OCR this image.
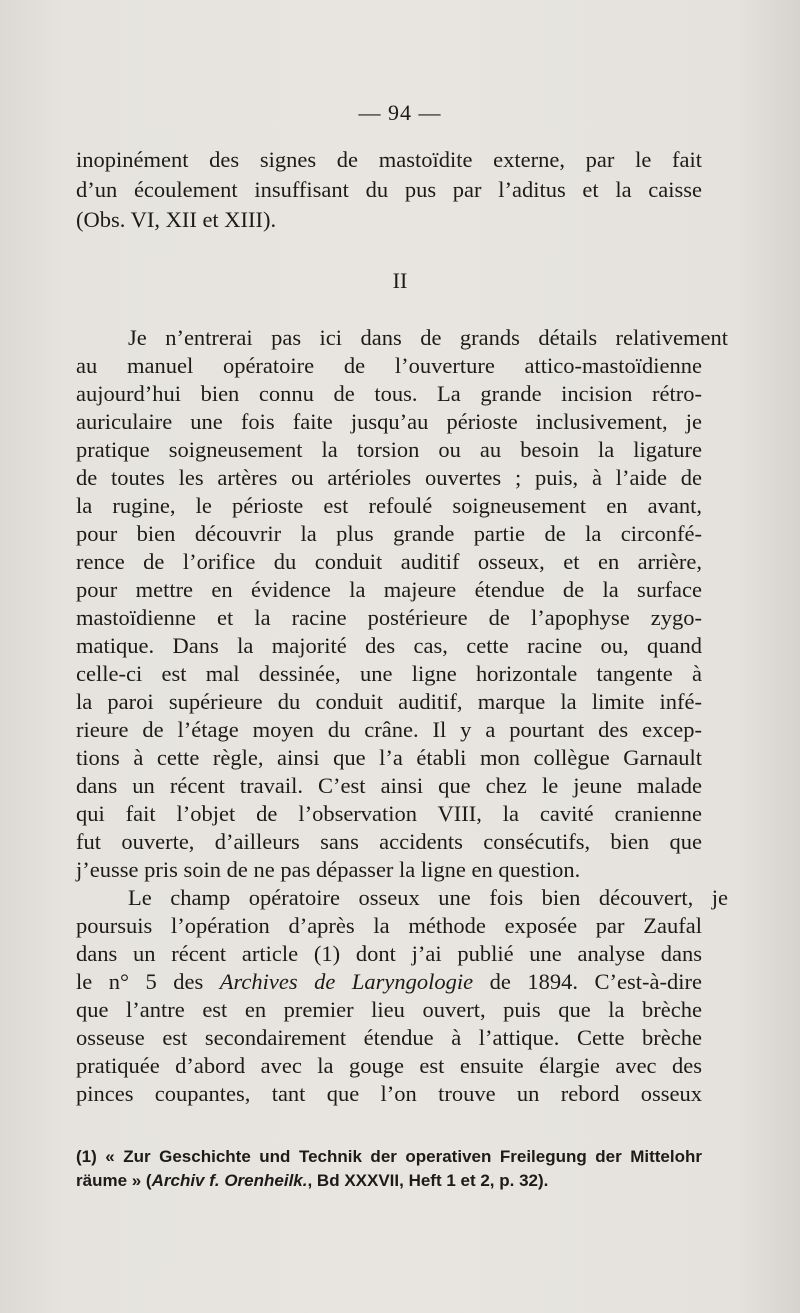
— 94 —
inopinément des signes de mastoïdite externe, par le fait
d’un écoulement insuffisant du pus par l’aditus et la caisse
(Obs. VI, XII et XIII).
II
Je n’entrerai pas ici dans de grands détails relativement
au manuel opératoire de l’ouverture attico-mastoïdienne
aujourd’hui bien connu de tous. La grande incision rétro-
auriculaire une fois faite jusqu’au périoste inclusivement, je
pratique soigneusement la torsion ou au besoin la ligature
de toutes les artères ou artérioles ouvertes ; puis, à l’aide de
la rugine, le périoste est refoulé soigneusement en avant,
pour bien découvrir la plus grande partie de la circonfé-
rence de l’orifice du conduit auditif osseux, et en arrière,
pour mettre en évidence la majeure étendue de la surface
mastoïdienne et la racine postérieure de l’apophyse zygo-
matique. Dans la majorité des cas, cette racine ou, quand
celle-ci est mal dessinée, une ligne horizontale tangente à
la paroi supérieure du conduit auditif, marque la limite infé-
rieure de l’étage moyen du crâne. Il y a pourtant des excep-
tions à cette règle, ainsi que l’a établi mon collègue Garnault
dans un récent travail. C’est ainsi que chez le jeune malade
qui fait l’objet de l’observation VIII, la cavité cranienne
fut ouverte, d’ailleurs sans accidents consécutifs, bien que
j’eusse pris soin de ne pas dépasser la ligne en question.
Le champ opératoire osseux une fois bien découvert, je
poursuis l’opération d’après la méthode exposée par Zaufal
dans un récent article (1) dont j’ai publié une analyse dans
le n° 5 des Archives de Laryngologie de 1894. C’est-à-dire
que l’antre est en premier lieu ouvert, puis que la brèche
osseuse est secondairement étendue à l’attique. Cette brèche
pratiquée d’abord avec la gouge est ensuite élargie avec des
pinces coupantes, tant que l’on trouve un rebord osseux
(1) « Zur Geschichte und Technik der operativen Freilegung der Mittelohr
räume » (Archiv f. Orenheilk., Bd XXXVII, Heft 1 et 2, p. 32).
